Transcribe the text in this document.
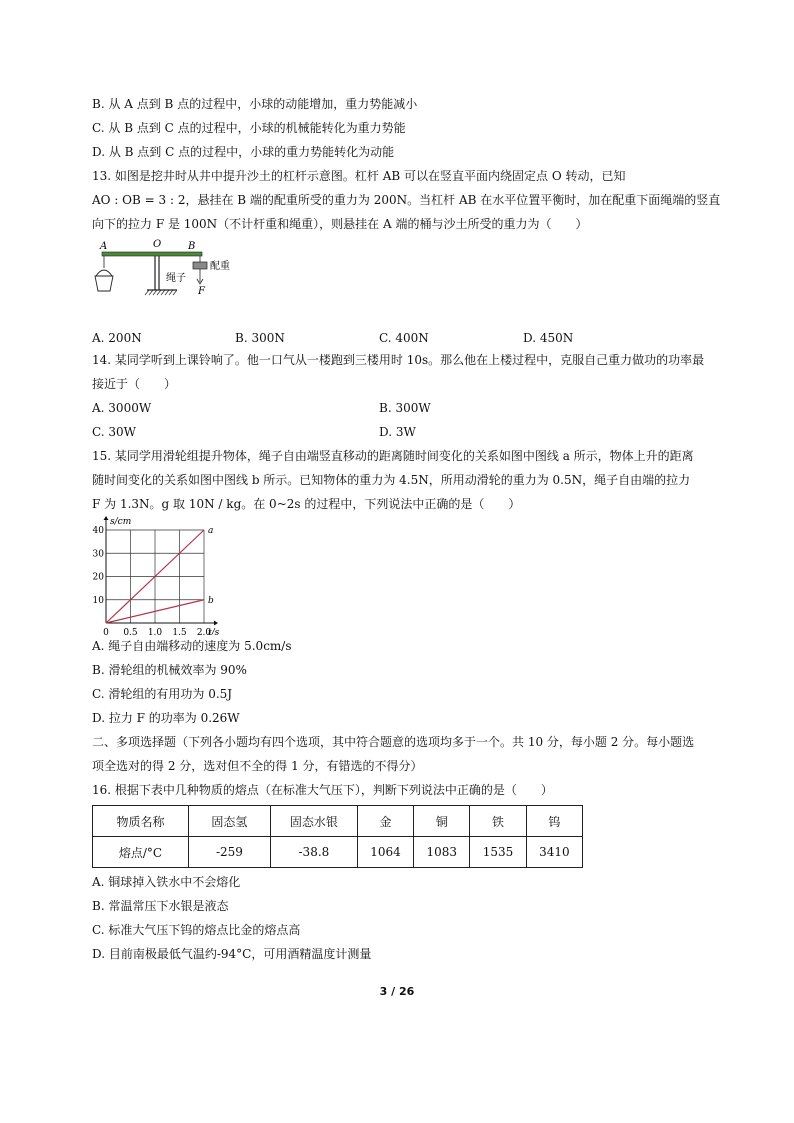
B. 从 A 点到 B 点的过程中，小球的动能增加，重力势能减小
C. 从 B 点到 C 点的过程中，小球的机械能转化为重力势能
D. 从 B 点到 C 点的过程中，小球的重力势能转化为动能
13. 如图是挖井时从井中提升沙土的杠杆示意图。杠杆 AB 可以在竖直平面内绕固定点 O 转动，已知
AO : OB = 3 : 2，悬挂在 B 端的配重所受的重力为 200N。当杠杆 AB 在水平位置平衡时，加在配重下面绳端的竖直
向下的拉力 F 是 100N（不计杆重和绳重），则悬挂在 A 端的桶与沙土所受的重力为（　　）
A	O	B
配重
绳子
F
A. 200N	B. 300N	C. 400N	D. 450N
14. 某同学听到上课铃响了。他一口气从一楼跑到三楼用时 10s。那么他在上楼过程中，克服自己重力做功的功率最
接近于（　　）
A. 3000W	B. 300W
C. 30W	D. 3W
15. 某同学用滑轮组提升物体，绳子自由端竖直移动的距离随时间变化的关系如图中图线 a 所示，物体上升的距离
随时间变化的关系如图中图线 b 所示。已知物体的重力为 4.5N，所用动滑轮的重力为 0.5N，绳子自由端的拉力
F 为 1.3N。g 取 10N / kg。在 0~2s 的过程中，下列说法中正确的是（　　）
s/cm
t/s
0 0.5 1.0 1.5 2.0
10
20
30
40	a
b
A. 绳子自由端移动的速度为 5.0cm/s
B. 滑轮组的机械效率为 90%
C. 滑轮组的有用功为 0.5J
D. 拉力 F 的功率为 0.26W
二、多项选择题（下列各小题均有四个选项，其中符合题意的选项均多于一个。共 10 分，每小题 2 分。每小题选
项全选对的得 2 分，选对但不全的得 1 分，有错选的不得分）
16. 根据下表中几种物质的熔点（在标准大气压下），判断下列说法中正确的是（　　）
物质名称	固态氢	固态水银	金	铜	铁	钨
熔点/°C	-259	-38.8	1064	1083	1535	3410
A. 铜球掉入铁水中不会熔化
B. 常温常压下水银是液态
C. 标准大气压下钨的熔点比金的熔点高
D. 目前南极最低气温约-94°C，可用酒精温度计测量
3 / 26
